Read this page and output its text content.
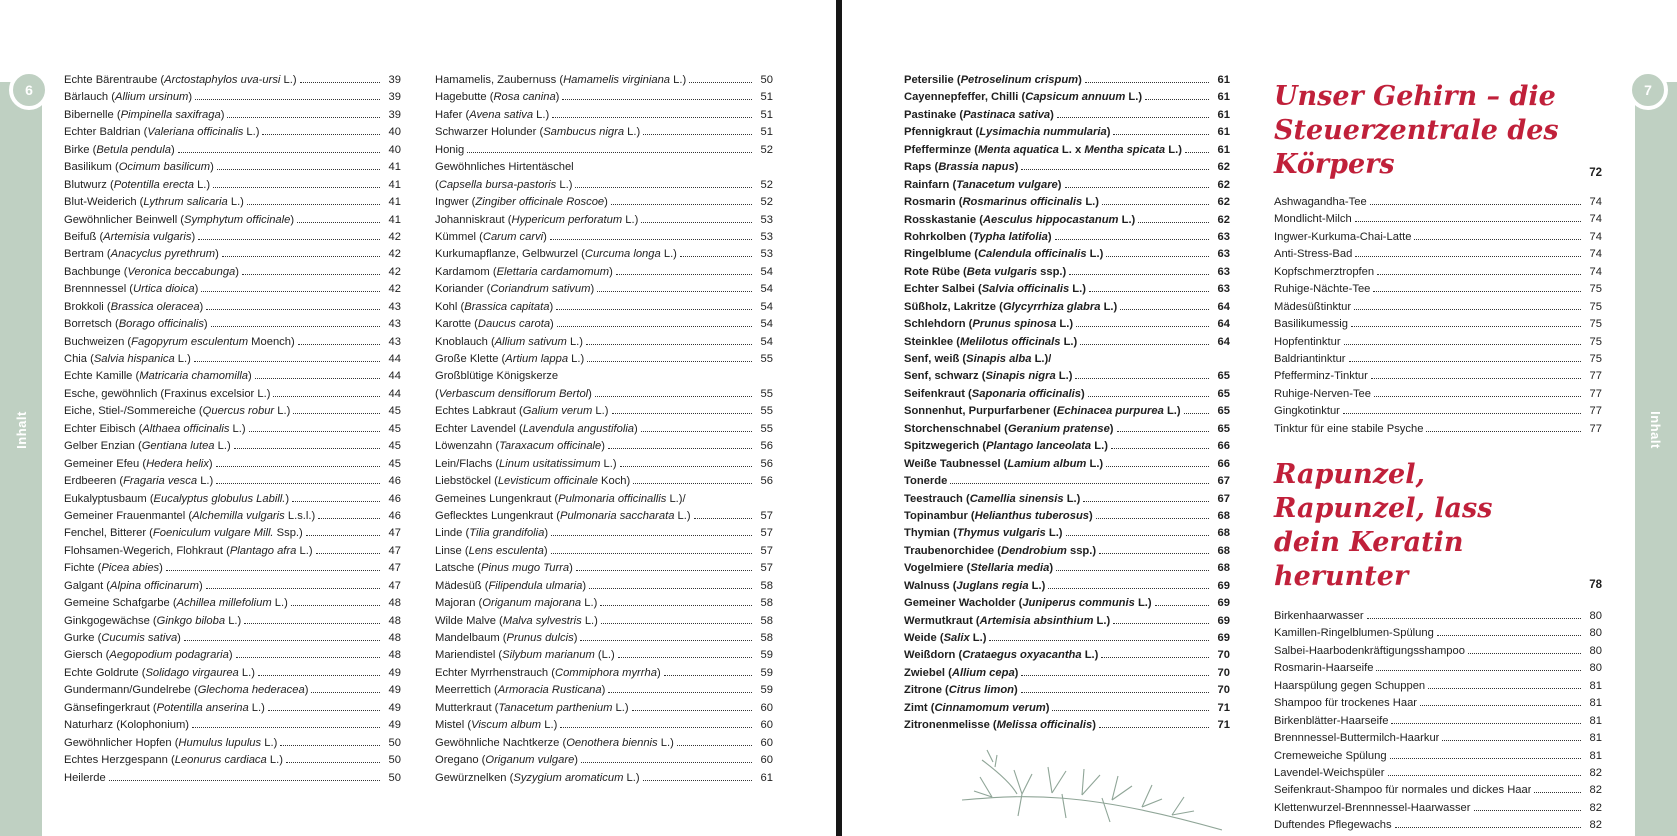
6
Inhalt
Echte Bärentraube (Arctostaphylos uva-ursi L.)	39
Bärlauch (Allium ursinum)	39
Bibernelle (Pimpinella saxifraga)	39
Echter Baldrian (Valeriana officinalis L.)	40
Birke (Betula pendula)	40
Basilikum (Ocimum basilicum)	41
Blutwurz (Potentilla erecta L.)	41
Blut-Weiderich (Lythrum salicaria L.)	41
Gewöhnlicher Beinwell (Symphytum officinale)	41
Beifuß (Artemisia vulgaris)	42
Bertram (Anacyclus pyrethrum)	42
Bachbunge (Veronica beccabunga)	42
Brennnessel (Urtica dioica)	42
Brokkoli (Brassica oleracea)	43
Borretsch (Borago officinalis)	43
Buchweizen (Fagopyrum esculentum Moench)	43
Chia (Salvia hispanica L.)	44
Echte Kamille (Matricaria chamomilla)	44
Esche, gewöhnlich (Fraxinus excelsior L.)	44
Eiche, Stiel-/Sommereiche (Quercus robur L.)	45
Echter Eibisch (Althaea officinalis L.)	45
Gelber Enzian (Gentiana lutea L.)	45
Gemeiner Efeu (Hedera helix)	45
Erdbeeren (Fragaria vesca L.)	46
Eukalyptusbaum (Eucalyptus globulus Labill.)	46
Gemeiner Frauenmantel (Alchemilla vulgaris L.s.l.)	46
Fenchel, Bitterer (Foeniculum vulgare Mill. Ssp.)	47
Flohsamen-Wegerich, Flohkraut (Plantago afra L.)	47
Fichte (Picea abies)	47
Galgant (Alpina officinarum)	47
Gemeine Schafgarbe (Achillea millefolium L.)	48
Ginkgogewächse (Ginkgo biloba L.)	48
Gurke (Cucumis sativa)	48
Giersch (Aegopodium podagraria)	48
Echte Goldrute (Solidago virgaurea L.)	49
Gundermann/Gundelrebe (Glechoma hederacea)	49
Gänsefingerkraut (Potentilla anserina L.)	49
Naturharz (Kolophonium)	49
Gewöhnlicher Hopfen (Humulus lupulus L.)	50
Echtes Herzgespann (Leonurus cardiaca L.)	50
Heilerde	50
Hamamelis, Zaubernuss (Hamamelis virginiana L.)	50
Hagebutte (Rosa canina)	51
Hafer (Avena sativa L.)	51
Schwarzer Holunder (Sambucus nigra L.)	51
Honig	52
Gewöhnliches Hirtentäschel
(Capsella bursa-pastoris L.)	52
Ingwer (Zingiber officinale Roscoe)	52
Johanniskraut (Hypericum perforatum L.)	53
Kümmel (Carum carvi)	53
Kurkumapflanze, Gelbwurzel (Curcuma longa L.)	53
Kardamom (Elettaria cardamomum)	54
Koriander (Coriandrum sativum)	54
Kohl (Brassica capitata)	54
Karotte (Daucus carota)	54
Knoblauch (Allium sativum L.)	54
Große Klette (Artium lappa L.)	55
Großblütige Königskerze
(Verbascum densiflorum Bertol)	55
Echtes Labkraut (Galium verum L.)	55
Echter Lavendel (Lavendula angustifolia)	55
Löwenzahn (Taraxacum officinale)	56
Lein/Flachs (Linum usitatissimum L.)	56
Liebstöckel (Levisticum officinale Koch)	56
Gemeines Lungenkraut (Pulmonaria officinallis L.)/
Geflecktes Lungenkraut (Pulmonaria saccharata L.)	57
Linde (Tilia grandifolia)	57
Linse (Lens esculenta)	57
Latsche (Pinus mugo Turra)	57
Mädesüß (Filipendula ulmaria)	58
Majoran (Origanum majorana L.)	58
Wilde Malve (Malva sylvestris L.)	58
Mandelbaum (Prunus dulcis)	58
Mariendistel (Silybum marianum (L.)	59
Echter Myrrhenstrauch (Commiphora myrrha)	59
Meerrettich (Armoracia Rusticana)	59
Mutterkraut (Tanacetum parthenium L.)	60
Mistel (Viscum album L.)	60
Gewöhnliche Nachtkerze (Oenothera biennis L.)	60
Oregano (Origanum vulgare)	60
Gewürznelken (Syzygium aromaticum L.)	61
7
Inhalt
Petersilie (Petroselinum crispum)	61
Cayennepfeffer, Chilli (Capsicum annuum L.)	61
Pastinake (Pastinaca sativa)	61
Pfennigkraut (Lysimachia nummularia)	61
Pfefferminze (Menta aquatica L. x Mentha spicata L.)	61
Raps (Brassia napus)	62
Rainfarn (Tanacetum vulgare)	62
Rosmarin (Rosmarinus officinalis L.)	62
Rosskastanie (Aesculus hippocastanum L.)	62
Rohrkolben (Typha latifolia)	63
Ringelblume (Calendula officinalis L.)	63
Rote Rübe (Beta vulgaris ssp.)	63
Echter Salbei (Salvia officinalis L.)	63
Süßholz, Lakritze (Glycyrrhiza glabra L.)	64
Schlehdorn (Prunus spinosa L.)	64
Steinklee (Melilotus officinals L.)	64
Senf, weiß (Sinapis alba L.)/
Senf, schwarz (Sinapis nigra L.)	65
Seifenkraut (Saponaria officinalis)	65
Sonnenhut, Purpurfarbener (Echinacea purpurea L.)	65
Storchenschnabel (Geranium pratense)	65
Spitzwegerich (Plantago lanceolata L.)	66
Weiße Taubnessel (Lamium album L.)	66
Tonerde	67
Teestrauch (Camellia sinensis L.)	67
Topinambur (Helianthus tuberosus)	68
Thymian (Thymus vulgaris L.)	68
Traubenorchidee (Dendrobium ssp.)	68
Vogelmiere (Stellaria media)	68
Walnuss (Juglans regia L.)	69
Gemeiner Wacholder (Juniperus communis L.)	69
Wermutkraut (Artemisia absinthium L.)	69
Weide (Salix L.)	69
Weißdorn (Crataegus oxyacantha L.)	70
Zwiebel (Allium cepa)	70
Zitrone (Citrus limon)	70
Zimt (Cinnamomum verum)	71
Zitronenmelisse (Melissa officinalis)	71
Unser Gehirn – die
Steuerzentrale des Körpers	72
Ashwagandha-Tee	74
Mondlicht-Milch	74
Ingwer-Kurkuma-Chai-Latte	74
Anti-Stress-Bad	74
Kopfschmerztropfen	74
Ruhige-Nächte-Tee	75
Mädesüßtinktur	75
Basilikumessig	75
Hopfentinktur	75
Baldriantinktur	75
Pfefferminz-Tinktur	77
Ruhige-Nerven-Tee	77
Gingkotinktur	77
Tinktur für eine stabile Psyche	77
Rapunzel, Rapunzel, lass
dein Keratin herunter	78
Birkenhaarwasser	80
Kamillen-Ringelblumen-Spülung	80
Salbei-Haarbodenkräftigungsshampoo	80
Rosmarin-Haarseife	80
Haarspülung gegen Schuppen	81
Shampoo für trockenes Haar	81
Birkenblätter-Haarseife	81
Brennnessel-Buttermilch-Haarkur	81
Cremeweiche Spülung	81
Lavendel-Weichspüler	82
Seifenkraut-Shampoo für normales und dickes Haar	82
Klettenwurzel-Brennnessel-Haarwasser	82
Duftendes Pflegewachs	82
